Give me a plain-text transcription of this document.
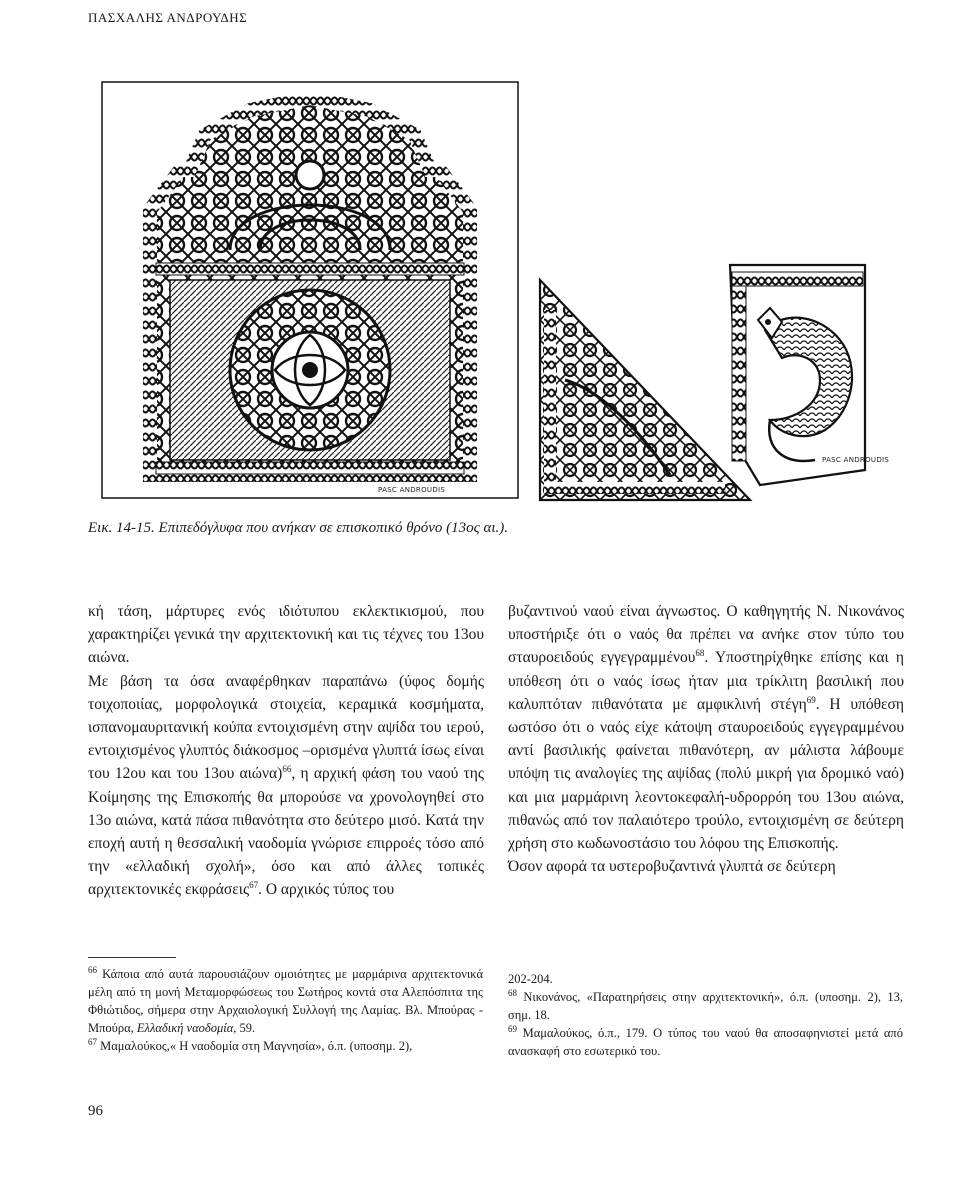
ΠΑΣΧΑΛΗΣ ΑΝΔΡΟΥΔΗΣ
PASC ANDROUDIS
PASC ANDROUDIS
Εικ. 14-15. Επιπεδόγλυφα που ανήκαν σε επισκοπικό θρόνο (13ος αι.).

κή τάση, μάρτυρες ενός ιδιότυπου εκλεκτικισμού, που χαρακτηρίζει γενικά την αρχιτεκτονική και τις τέχνες του 13ου αιώνα.

Με βάση τα όσα αναφέρθηκαν παραπάνω (ύφος δομής τοιχοποιίας, μορφολογικά στοιχεία, κεραμικά κοσμήματα, ισπανομαυριτανική κούπα εντοιχισμένη στην αψίδα του ιερού, εντοιχισμένος γλυπτός διάκοσμος –ορισμένα γλυπτά ίσως είναι του 12ου και του 13ου αιώνα)$^{66}$, η αρχική φάση του ναού της Κοίμησης της Επισκοπής θα μπορούσε να χρονολογηθεί στο 13ο αιώνα, κατά πάσα πιθανότητα στο δεύτερο μισό. Κατά την εποχή αυτή η θεσσαλική ναοδομία γνώρισε επιρροές τόσο από την «ελλαδική σχολή», όσο και από άλλες τοπικές αρχιτεκτονικές εκφράσεις$^{67}$. Ο αρχικός τύπος του

βυζαντινού ναού είναι άγνωστος. Ο καθηγητής Ν. Νικονάνος υποστήριξε ότι ο ναός θα πρέπει να ανήκε στον τύπο του σταυροειδούς εγγεγραμμένου$^{68}$. Υποστηρίχθηκε επίσης και η υπόθεση ότι ο ναός ίσως ήταν μια τρίκλιτη βασιλική που καλυπτόταν πιθανότατα με αμφικλινή στέγη$^{69}$. Η υπόθεση ωστόσο ότι ο ναός είχε κάτοψη σταυροειδούς εγγεγραμμένου αντί βασιλικής φαίνεται πιθανότερη, αν μάλιστα λάβουμε υπόψη τις αναλογίες της αψίδας (πολύ μικρή για δρομικό ναό) και μια μαρμάρινη λεοντοκεφαλή-υδρορρόη του 13ου αιώνα, πιθανώς από τον παλαιότερο τρούλο, εντοιχισμένη σε δεύτερη χρήση στο κωδωνοστάσιο του λόφου της Επισκοπής.

Όσον αφορά τα υστεροβυζαντινά γλυπτά σε δεύτερη

$^{66}$ Κάποια από αυτά παρουσιάζουν ομοιότητες με μαρμάρινα αρχιτεκτονικά μέλη από τη μονή Μεταμορφώσεως του Σωτήρος κοντά στα Αλεπόσπιτα της Φθιώτιδος, σήμερα στην Αρχαιολογική Συλλογή της Λαμίας. Βλ. Μπούρας - Μπούρα, Ελλαδική ναοδομία, 59.

$^{67}$ Μαμαλούκος,« Η ναοδομία στη Μαγνησία», ό.π. (υποσημ. 2),

202-204.

$^{68}$ Νικονάνος, «Παρατηρήσεις στην αρχιτεκτονική», ό.π. (υποσημ. 2), 13, σημ. 18.

$^{69}$ Μαμαλούκος, ό.π., 179. Ο τύπος του ναού θα αποσαφηνιστεί μετά από ανασκαφή στο εσωτερικό του.

96
